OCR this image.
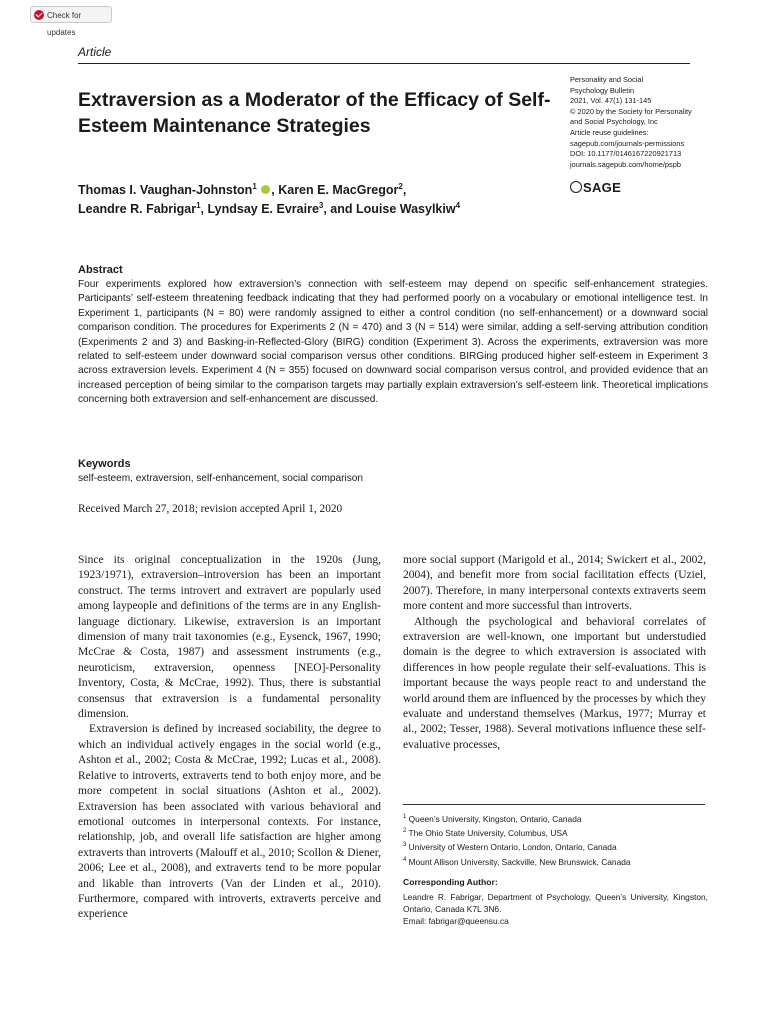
Check for updates
Article
Personality and Social
Psychology Bulletin
2021, Vol. 47(1) 131-145
© 2020 by the Society for Personality
and Social Psychology, Inc
Article reuse guidelines:
sagepub.com/journals-permissions
DOI: 10.1177/0146167220921713
journals.sagepub.com/home/pspb
SAGE
Extraversion as a Moderator of the Efficacy of Self-Esteem Maintenance Strategies
Thomas I. Vaughan-Johnston$^1$ , Karen E. MacGregor$^2$,
Leandre R. Fabrigar$^1$, Lyndsay E. Evraire$^3$, and Louise Wasylkiw$^4$
Abstract
Four experiments explored how extraversion’s connection with self-esteem may depend on specific self-enhancement strategies. Participants’ self-esteem threatening feedback indicating that they had performed poorly on a vocabulary or emotional intelligence test. In Experiment 1, participants (N = 80) were randomly assigned to either a control condition (no self-enhancement) or a downward social comparison condition. The procedures for Experiments 2 (N = 470) and 3 (N = 514) were similar, adding a self-serving attribution condition (Experiments 2 and 3) and Basking-in-Reflected-Glory (BIRG) condition (Experiment 3). Across the experiments, extraversion was more related to self-esteem under downward social comparison versus other conditions. BIRGing produced higher self-esteem in Experiment 3 across extraversion levels. Experiment 4 (N = 355) focused on downward social comparison versus control, and provided evidence that an increased perception of being similar to the comparison targets may partially explain extraversion’s self-esteem link. Theoretical implications concerning both extraversion and self-enhancement are discussed.
Keywords
self-esteem, extraversion, self-enhancement, social comparison
Received March 27, 2018; revision accepted April 1, 2020

Since its original conceptualization in the 1920s (Jung, 1923/1971), extraversion–introversion has been an important construct. The terms introvert and extravert are popularly used among laypeople and definitions of the terms are in any English-language dictionary. Likewise, extraversion is an important dimension of many trait taxonomies (e.g., Eysenck, 1967, 1990; McCrae & Costa, 1987) and assessment instruments (e.g., neuroticism, extraversion, openness [NEO]-Personality Inventory, Costa, & McCrae, 1992). Thus, there is substantial consensus that extraversion is a fundamental personality dimension.

Extraversion is defined by increased sociability, the degree to which an individual actively engages in the social world (e.g., Ashton et al., 2002; Costa & McCrae, 1992; Lucas et al., 2008). Relative to introverts, extraverts tend to both enjoy more, and be more competent in social situations (Ashton et al., 2002). Extraversion has been associated with various behavioral and emotional outcomes in interpersonal contexts. For instance, relationship, job, and overall life satisfaction are higher among extraverts than introverts (Malouff et al., 2010; Scollon & Diener, 2006; Lee et al., 2008), and extraverts tend to be more popular and likable than introverts (Van der Linden et al., 2010). Furthermore, compared with introverts, extraverts perceive and experience

more social support (Marigold et al., 2014; Swickert et al., 2002, 2004), and benefit more from social facilitation effects (Uziel, 2007). Therefore, in many interpersonal contexts extraverts seem more content and more successful than introverts.

Although the psychological and behavioral correlates of extraversion are well-known, one important but understudied domain is the degree to which extraversion is associated with differences in how people regulate their self-evaluations. This is important because the ways people react to and understand the world around them are influenced by the processes by which they evaluate and understand themselves (Markus, 1977; Murray et al., 2002; Tesser, 1988). Several motivations influence these self-evaluative processes,

$^1$ Queen’s University, Kingston, Ontario, Canada
$^2$ The Ohio State University, Columbus, USA
$^3$ University of Western Ontario, London, Ontario, Canada
$^4$ Mount Allison University, Sackville, New Brunswick, Canada
Corresponding Author:
Leandre R. Fabrigar, Department of Psychology, Queen’s University, Kingston, Ontario, Canada K7L 3N6.
Email: fabrigar@queensu.ca
